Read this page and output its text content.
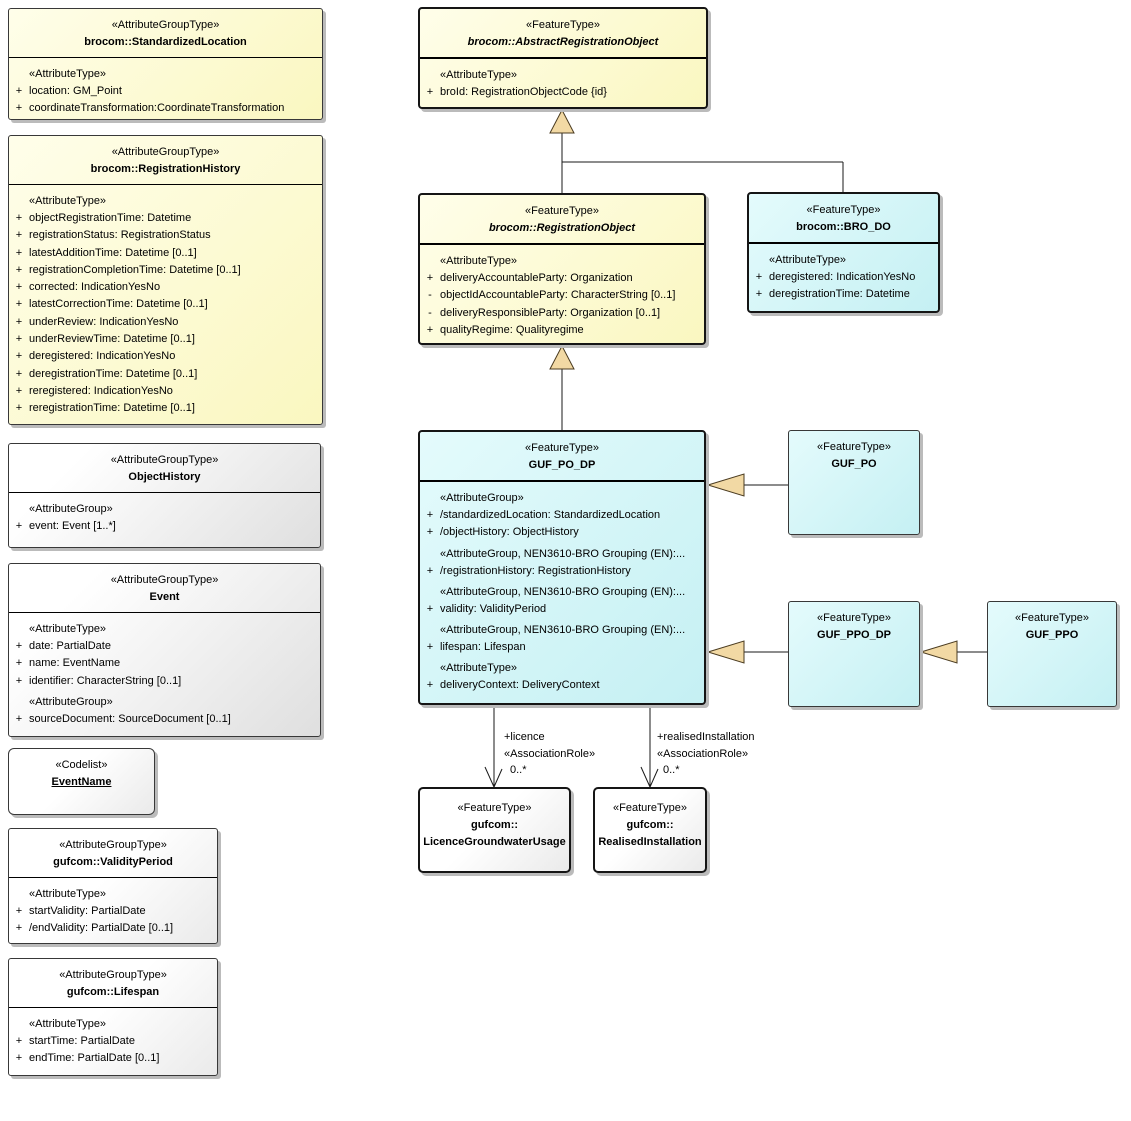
«AttributeGroupType»
brocom::StandardizedLocation
«AttributeType»
+ location: GM_Point
+ coordinateTransformation:CoordinateTransformation
«AttributeGroupType»
brocom::RegistrationHistory
«AttributeType»
+ objectRegistrationTime: Datetime
+ registrationStatus: RegistrationStatus
+ latestAdditionTime: Datetime [0..1]
+ registrationCompletionTime: Datetime [0..1]
+ corrected: IndicationYesNo
+ latestCorrectionTime: Datetime [0..1]
+ underReview: IndicationYesNo
+ underReviewTime: Datetime [0..1]
+ deregistered: IndicationYesNo
+ deregistrationTime: Datetime [0..1]
+ reregistered: IndicationYesNo
+ reregistrationTime: Datetime [0..1]
«AttributeGroupType»
ObjectHistory
«AttributeGroup»
+ event: Event [1..*]
«AttributeGroupType»
Event
«AttributeType»
+ date: PartialDate
+ name: EventName
+ identifier: CharacterString [0..1]
«AttributeGroup»
+ sourceDocument: SourceDocument [0..1]
«Codelist»
EventName
«AttributeGroupType»
gufcom::ValidityPeriod
«AttributeType»
+ startValidity: PartialDate
+ /endValidity: PartialDate [0..1]
«AttributeGroupType»
gufcom::Lifespan
«AttributeType»
+ startTime: PartialDate
+ endTime: PartialDate [0..1]
«FeatureType»
brocom::AbstractRegistrationObject
«AttributeType»
+ broId: RegistrationObjectCode {id}
«FeatureType»
brocom::RegistrationObject
«AttributeType»
+ deliveryAccountableParty: Organization
- objectIdAccountableParty: CharacterString [0..1]
- deliveryResponsibleParty: Organization [0..1]
+ qualityRegime: Qualityregime
«FeatureType»
brocom::BRO_DO
«AttributeType»
+ deregistered: IndicationYesNo
+ deregistrationTime: Datetime
«FeatureType»
GUF_PO_DP
«AttributeGroup»
+ /standardizedLocation: StandardizedLocation
+ /objectHistory: ObjectHistory
«AttributeGroup, NEN3610-BRO Grouping (EN):...
+ /registrationHistory: RegistrationHistory
«AttributeGroup, NEN3610-BRO Grouping (EN):...
+ validity: ValidityPeriod
«AttributeGroup, NEN3610-BRO Grouping (EN):...
+ lifespan: Lifespan
«AttributeType»
+ deliveryContext: DeliveryContext
«FeatureType»
GUF_PO
«FeatureType»
GUF_PPO_DP
«FeatureType»
GUF_PPO
«FeatureType»
gufcom::
LicenceGroundwaterUsage
«FeatureType»
gufcom::
RealisedInstallation
+licence
«AssociationRole»
0..*
+realisedInstallation
«AssociationRole»
0..*
